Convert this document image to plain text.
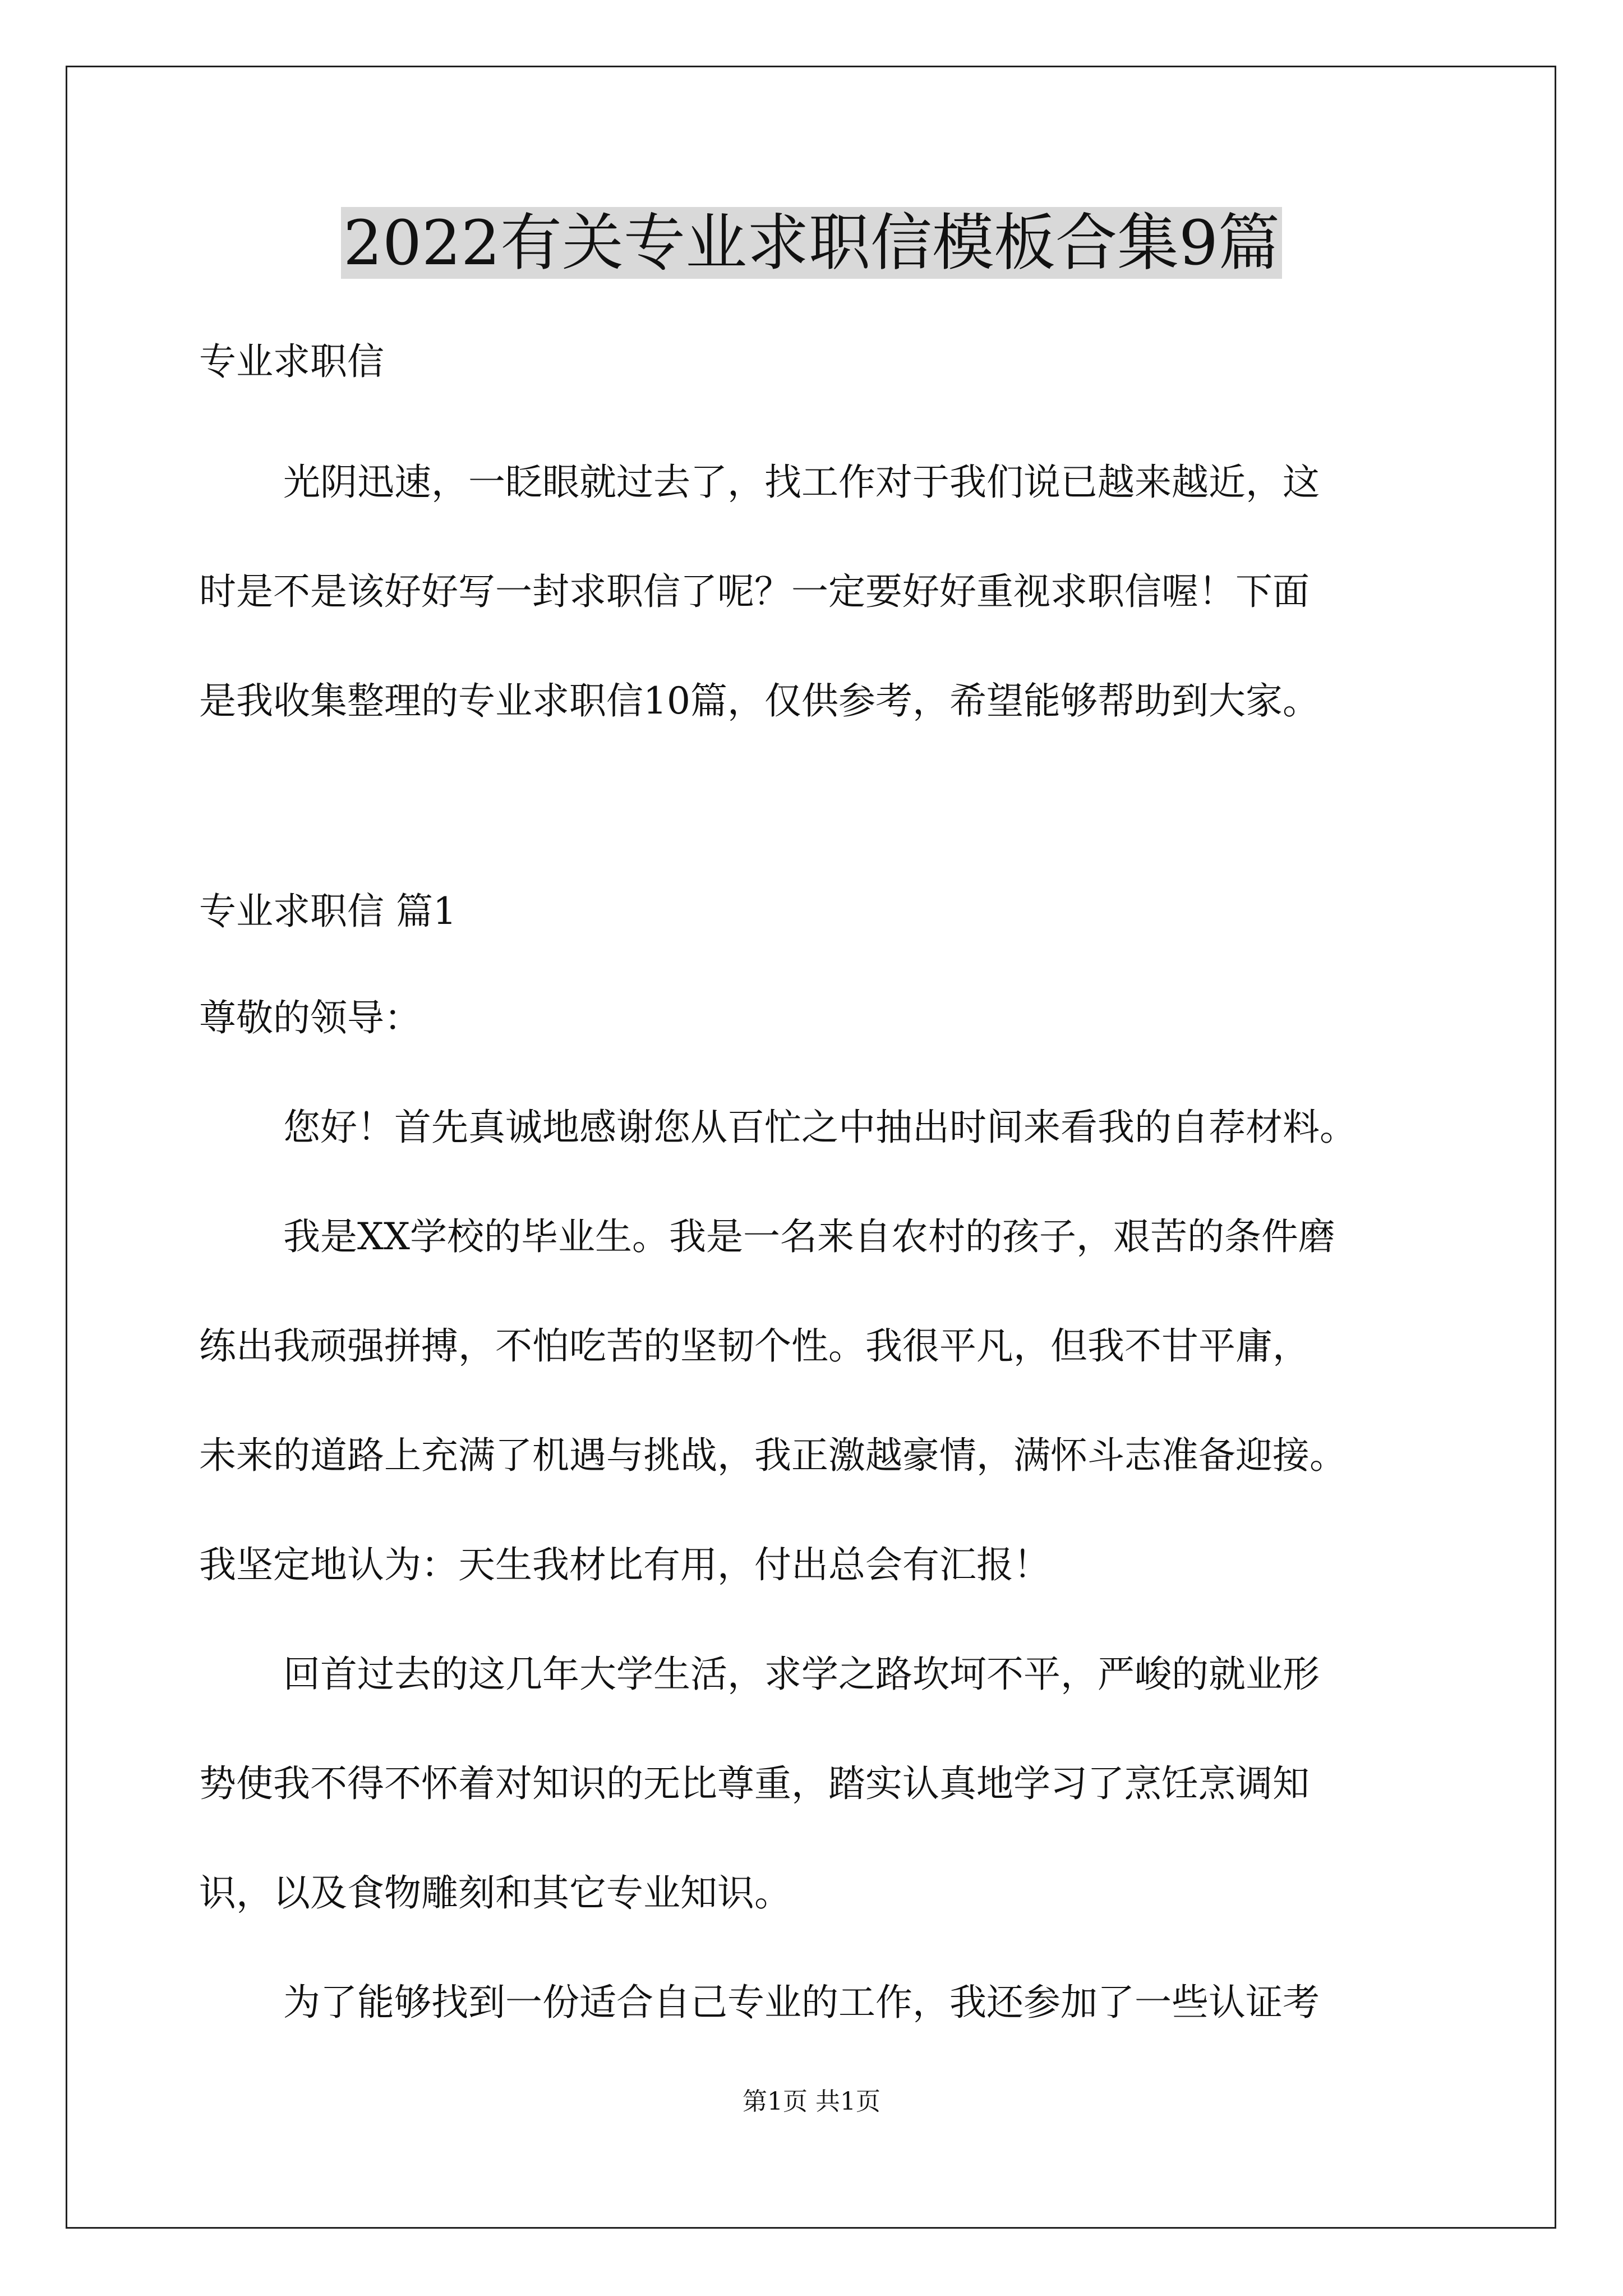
2022有关专业求职信模板合集9篇
专业求职信
光阴迅速，一眨眼就过去了，找工作对于我们说已越来越近，这
时是不是该好好写一封求职信了呢？一定要好好重视求职信喔！下面
是我收集整理的专业求职信10篇，仅供参考，希望能够帮助到大家。
专业求职信 篇1
尊敬的领导：
您好！首先真诚地感谢您从百忙之中抽出时间来看我的自荐材料。
我是XX学校的毕业生。我是一名来自农村的孩子，艰苦的条件磨
练出我顽强拼搏，不怕吃苦的坚韧个性。我很平凡，但我不甘平庸，
未来的道路上充满了机遇与挑战，我正激越豪情，满怀斗志准备迎接。
我坚定地认为：天生我材比有用，付出总会有汇报！
回首过去的这几年大学生活，求学之路坎坷不平，严峻的就业形
势使我不得不怀着对知识的无比尊重，踏实认真地学习了烹饪烹调知
识，以及食物雕刻和其它专业知识。
为了能够找到一份适合自己专业的工作，我还参加了一些认证考
第1页 共1页
